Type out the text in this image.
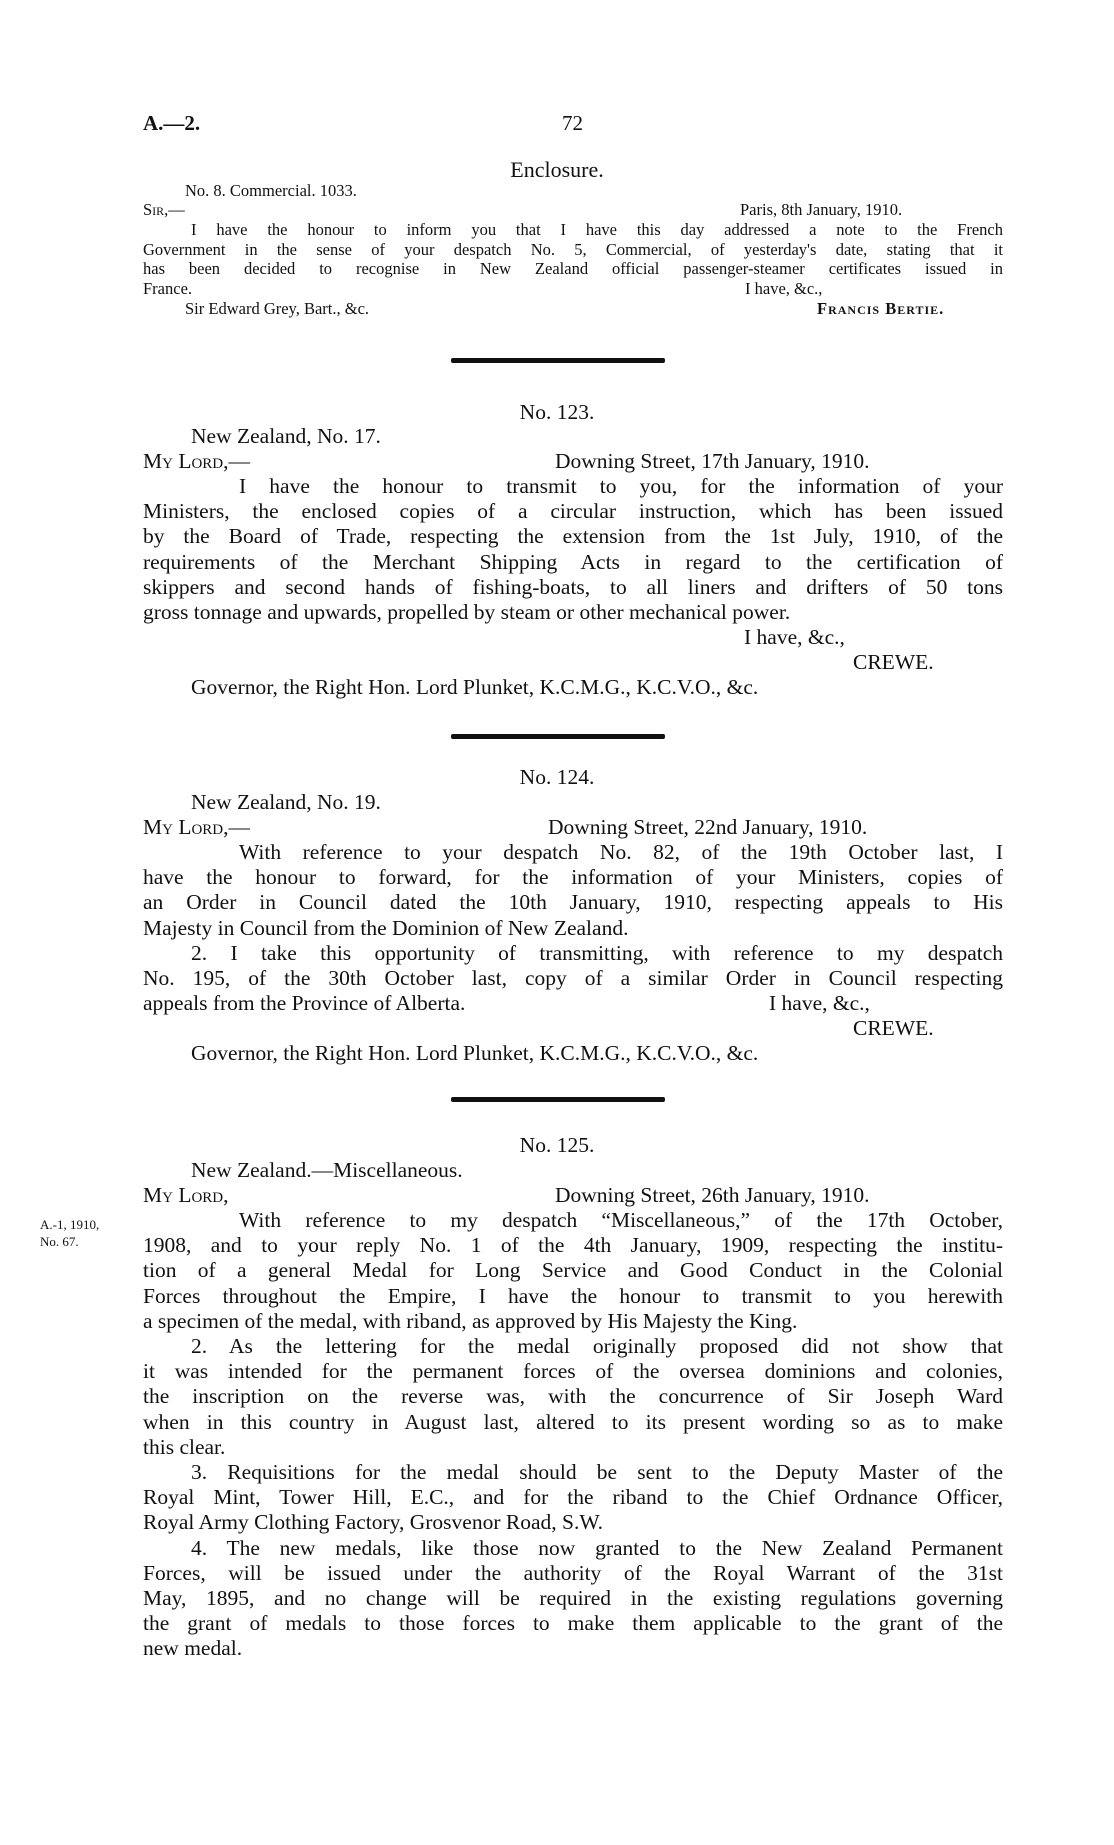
A.—2.	72
Enclosure.
No. 8. Commercial. 1033.
Sir,—	Paris, 8th January, 1910.
I have the honour to inform you that I have this day addressed a note to the French
Government in the sense of your despatch No. 5, Commercial, of yesterday's date, stating that it
has been decided to recognise in New Zealand official passenger-steamer certificates issued in
France.	I have, &c.,
Sir Edward Grey, Bart., &c.	Francis Bertie.
No. 123.
New Zealand, No. 17.
My Lord,—	Downing Street, 17th January, 1910.
I have the honour to transmit to you, for the information of your
Ministers, the enclosed copies of a circular instruction, which has been issued
by the Board of Trade, respecting the extension from the 1st July, 1910, of the
requirements of the Merchant Shipping Acts in regard to the certification of
skippers and second hands of fishing-boats, to all liners and drifters of 50 tons
gross tonnage and upwards, propelled by steam or other mechanical power.
I have, &c.,
CREWE.
Governor, the Right Hon. Lord Plunket, K.C.M.G., K.C.V.O., &c.
No. 124.
New Zealand, No. 19.
My Lord,—	Downing Street, 22nd January, 1910.
With reference to your despatch No. 82, of the 19th October last, I
have the honour to forward, for the information of your Ministers, copies of
an Order in Council dated the 10th January, 1910, respecting appeals to His
Majesty in Council from the Dominion of New Zealand.
2. I take this opportunity of transmitting, with reference to my despatch
No. 195, of the 30th October last, copy of a similar Order in Council respecting
appeals from the Province of Alberta.	I have, &c.,
CREWE.
Governor, the Right Hon. Lord Plunket, K.C.M.G., K.C.V.O., &c.
No. 125.
New Zealand.—Miscellaneous.
My Lord,	Downing Street, 26th January, 1910.
A.-1, 1910,
No. 67.
With reference to my despatch “Miscellaneous,” of the 17th October,
1908, and to your reply No. 1 of the 4th January, 1909, respecting the institu-
tion of a general Medal for Long Service and Good Conduct in the Colonial
Forces throughout the Empire, I have the honour to transmit to you herewith
a specimen of the medal, with riband, as approved by His Majesty the King.
2. As the lettering for the medal originally proposed did not show that
it was intended for the permanent forces of the oversea dominions and colonies,
the inscription on the reverse was, with the concurrence of Sir Joseph Ward
when in this country in August last, altered to its present wording so as to make
this clear.
3. Requisitions for the medal should be sent to the Deputy Master of the
Royal Mint, Tower Hill, E.C., and for the riband to the Chief Ordnance Officer,
Royal Army Clothing Factory, Grosvenor Road, S.W.
4. The new medals, like those now granted to the New Zealand Permanent
Forces, will be issued under the authority of the Royal Warrant of the 31st
May, 1895, and no change will be required in the existing regulations governing
the grant of medals to those forces to make them applicable to the grant of the
new medal.
